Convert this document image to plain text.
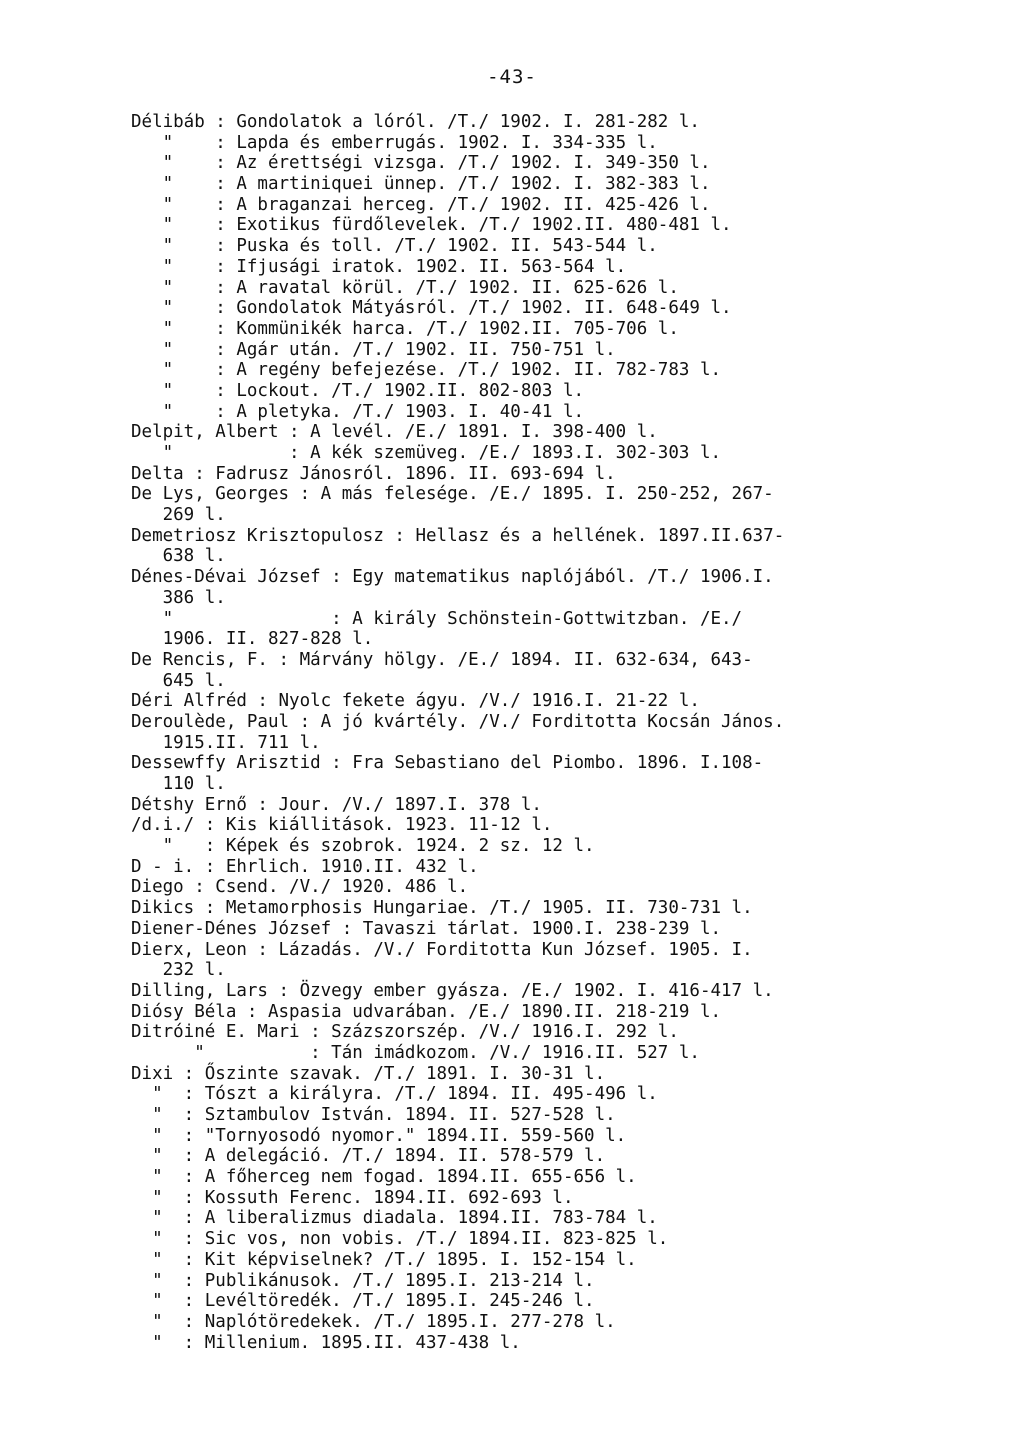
-43-
Délibáb : Gondolatok a lóról. /T./ 1902. I. 281-282 l.
"    : Lapda és emberrugás. 1902. I. 334-335 l.
"    : Az érettségi vizsga. /T./ 1902. I. 349-350 l.
"    : A martiniquei ünnep. /T./ 1902. I. 382-383 l.
"    : A braganzai herceg. /T./ 1902. II. 425-426 l.
"    : Exotikus fürdőlevelek. /T./ 1902.II. 480-481 l.
"    : Puska és toll. /T./ 1902. II. 543-544 l.
"    : Ifjusági iratok. 1902. II. 563-564 l.
"    : A ravatal körül. /T./ 1902. II. 625-626 l.
"    : Gondolatok Mátyásról. /T./ 1902. II. 648-649 l.
"    : Kommünikék harca. /T./ 1902.II. 705-706 l.
"    : Agár után. /T./ 1902. II. 750-751 l.
"    : A regény befejezése. /T./ 1902. II. 782-783 l.
"    : Lockout. /T./ 1902.II. 802-803 l.
"    : A pletyka. /T./ 1903. I. 40-41 l.
Delpit, Albert : A levél. /E./ 1891. I. 398-400 l.
"           : A kék szemüveg. /E./ 1893.I. 302-303 l.
Delta : Fadrusz Jánosról. 1896. II. 693-694 l.
De Lys, Georges : A más felesége. /E./ 1895. I. 250-252, 267-
269 l.
Demetriosz Krisztopulosz : Hellasz és a hellének. 1897.II.637-
638 l.
Dénes-Dévai József : Egy matematikus naplójából. /T./ 1906.I.
386 l.
"               : A király Schönstein-Gottwitzban. /E./
1906. II. 827-828 l.
De Rencis, F. : Márvány hölgy. /E./ 1894. II. 632-634, 643-
645 l.
Déri Alfréd : Nyolc fekete ágyu. /V./ 1916.I. 21-22 l.
Deroulède, Paul : A jó kvártély. /V./ Forditotta Kocsán János.
1915.II. 711 l.
Dessewffy Arisztid : Fra Sebastiano del Piombo. 1896. I.108-
110 l.
Détshy Ernő : Jour. /V./ 1897.I. 378 l.
/d.i./ : Kis kiállitások. 1923. 11-12 l.
"   : Képek és szobrok. 1924. 2 sz. 12 l.
D - i. : Ehrlich. 1910.II. 432 l.
Diego : Csend. /V./ 1920. 486 l.
Dikics : Metamorphosis Hungariae. /T./ 1905. II. 730-731 l.
Diener-Dénes József : Tavaszi tárlat. 1900.I. 238-239 l.
Dierx, Leon : Lázadás. /V./ Forditotta Kun József. 1905. I.
232 l.
Dilling, Lars : Özvegy ember gyásza. /E./ 1902. I. 416-417 l.
Diósy Béla : Aspasia udvarában. /E./ 1890.II. 218-219 l.
Ditróiné E. Mari : Százszorszép. /V./ 1916.I. 292 l.
"          : Tán imádkozom. /V./ 1916.II. 527 l.
Dixi : Őszinte szavak. /T./ 1891. I. 30-31 l.
"  : Tószt a királyra. /T./ 1894. II. 495-496 l.
"  : Sztambulov István. 1894. II. 527-528 l.
"  : "Tornyosodó nyomor." 1894.II. 559-560 l.
"  : A delegáció. /T./ 1894. II. 578-579 l.
"  : A főherceg nem fogad. 1894.II. 655-656 l.
"  : Kossuth Ferenc. 1894.II. 692-693 l.
"  : A liberalizmus diadala. 1894.II. 783-784 l.
"  : Sic vos, non vobis. /T./ 1894.II. 823-825 l.
"  : Kit képviselnek? /T./ 1895. I. 152-154 l.
"  : Publikánusok. /T./ 1895.I. 213-214 l.
"  : Levéltöredék. /T./ 1895.I. 245-246 l.
"  : Naplótöredekek. /T./ 1895.I. 277-278 l.
"  : Millenium. 1895.II. 437-438 l.
